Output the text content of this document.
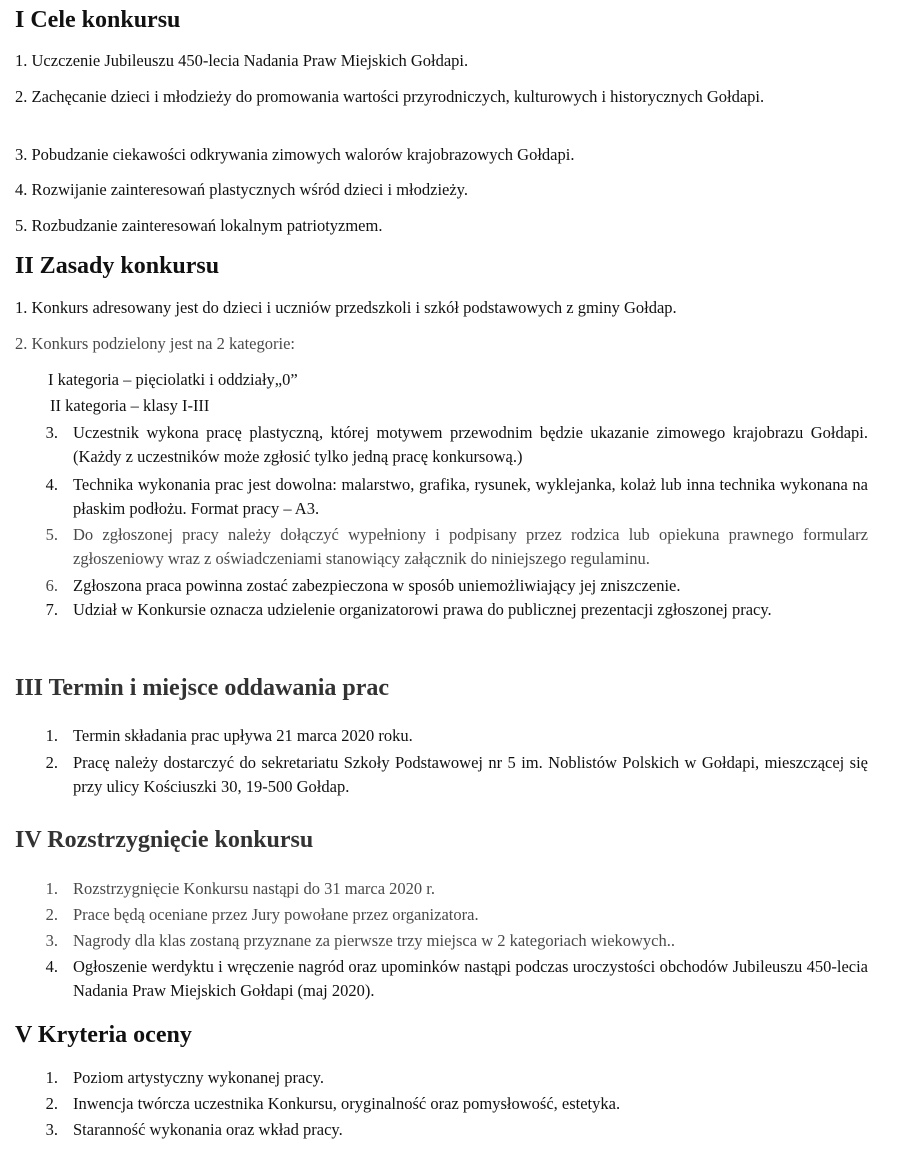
I Cele konkursu

1. Uczczenie Jubileuszu 450-lecia Nadania Praw Miejskich Gołdapi.

2. Zachęcanie dzieci i młodzieży do promowania wartości przyrodniczych, kulturowych i historycznych Gołdapi.

3. Pobudzanie ciekawości odkrywania zimowych walorów krajobrazowych Gołdapi.

4. Rozwijanie zainteresowań plastycznych wśród dzieci i młodzieży.

5. Rozbudzanie zainteresowań lokalnym patriotyzmem.

II Zasady konkursu

1. Konkurs adresowany jest do dzieci i uczniów przedszkoli i szkół podstawowych z gminy Gołdap.

2. Konkurs podzielony jest na 2 kategorie:

I kategoria – pięciolatki i oddziały„0”

II kategoria – klasy I-III

3. Uczestnik wykona pracę plastyczną, której motywem przewodnim będzie ukazanie zimowego krajobrazu Gołdapi.(Każdy z uczestników może zgłosić tylko jedną pracę konkursową.)
4. Technika wykonania prac jest dowolna: malarstwo, grafika, rysunek, wyklejanka, kolaż lub inna technika wykonana na płaskim podłożu. Format pracy – A3.
5. Do zgłoszonej pracy należy dołączyć wypełniony i podpisany przez rodzica lub opiekuna prawnego formularz zgłoszeniowy wraz z oświadczeniami stanowiący załącznik do niniejszego regulaminu.
6. Zgłoszona praca powinna zostać zabezpieczona w sposób uniemożliwiający jej zniszczenie.
7. Udział w Konkursie oznacza udzielenie organizatorowi prawa do publicznej prezentacji zgłoszonej pracy.
III Termin i miejsce oddawania prac
1. Termin składania prac upływa 21 marca 2020 roku.
2. Pracę należy dostarczyć do sekretariatu Szkoły Podstawowej nr 5 im. Noblistów Polskich w Gołdapi, mieszczącej się przy ulicy Kościuszki 30, 19-500 Gołdap.
IV Rozstrzygnięcie konkursu
1. Rozstrzygnięcie Konkursu nastąpi do 31 marca 2020 r.
2. Prace będą oceniane przez Jury powołane przez organizatora.
3. Nagrody dla klas zostaną przyznane za pierwsze trzy miejsca w 2 kategoriach wiekowych..
4. Ogłoszenie werdyktu i wręczenie nagród oraz upominków nastąpi podczas uroczystości obchodów Jubileuszu 450-lecia Nadania Praw Miejskich Gołdapi (maj 2020).
V Kryteria oceny
1. Poziom artystyczny wykonanej pracy.
2. Inwencja twórcza uczestnika Konkursu, oryginalność oraz pomysłowość, estetyka.
3. Staranność wykonania oraz wkład pracy.
